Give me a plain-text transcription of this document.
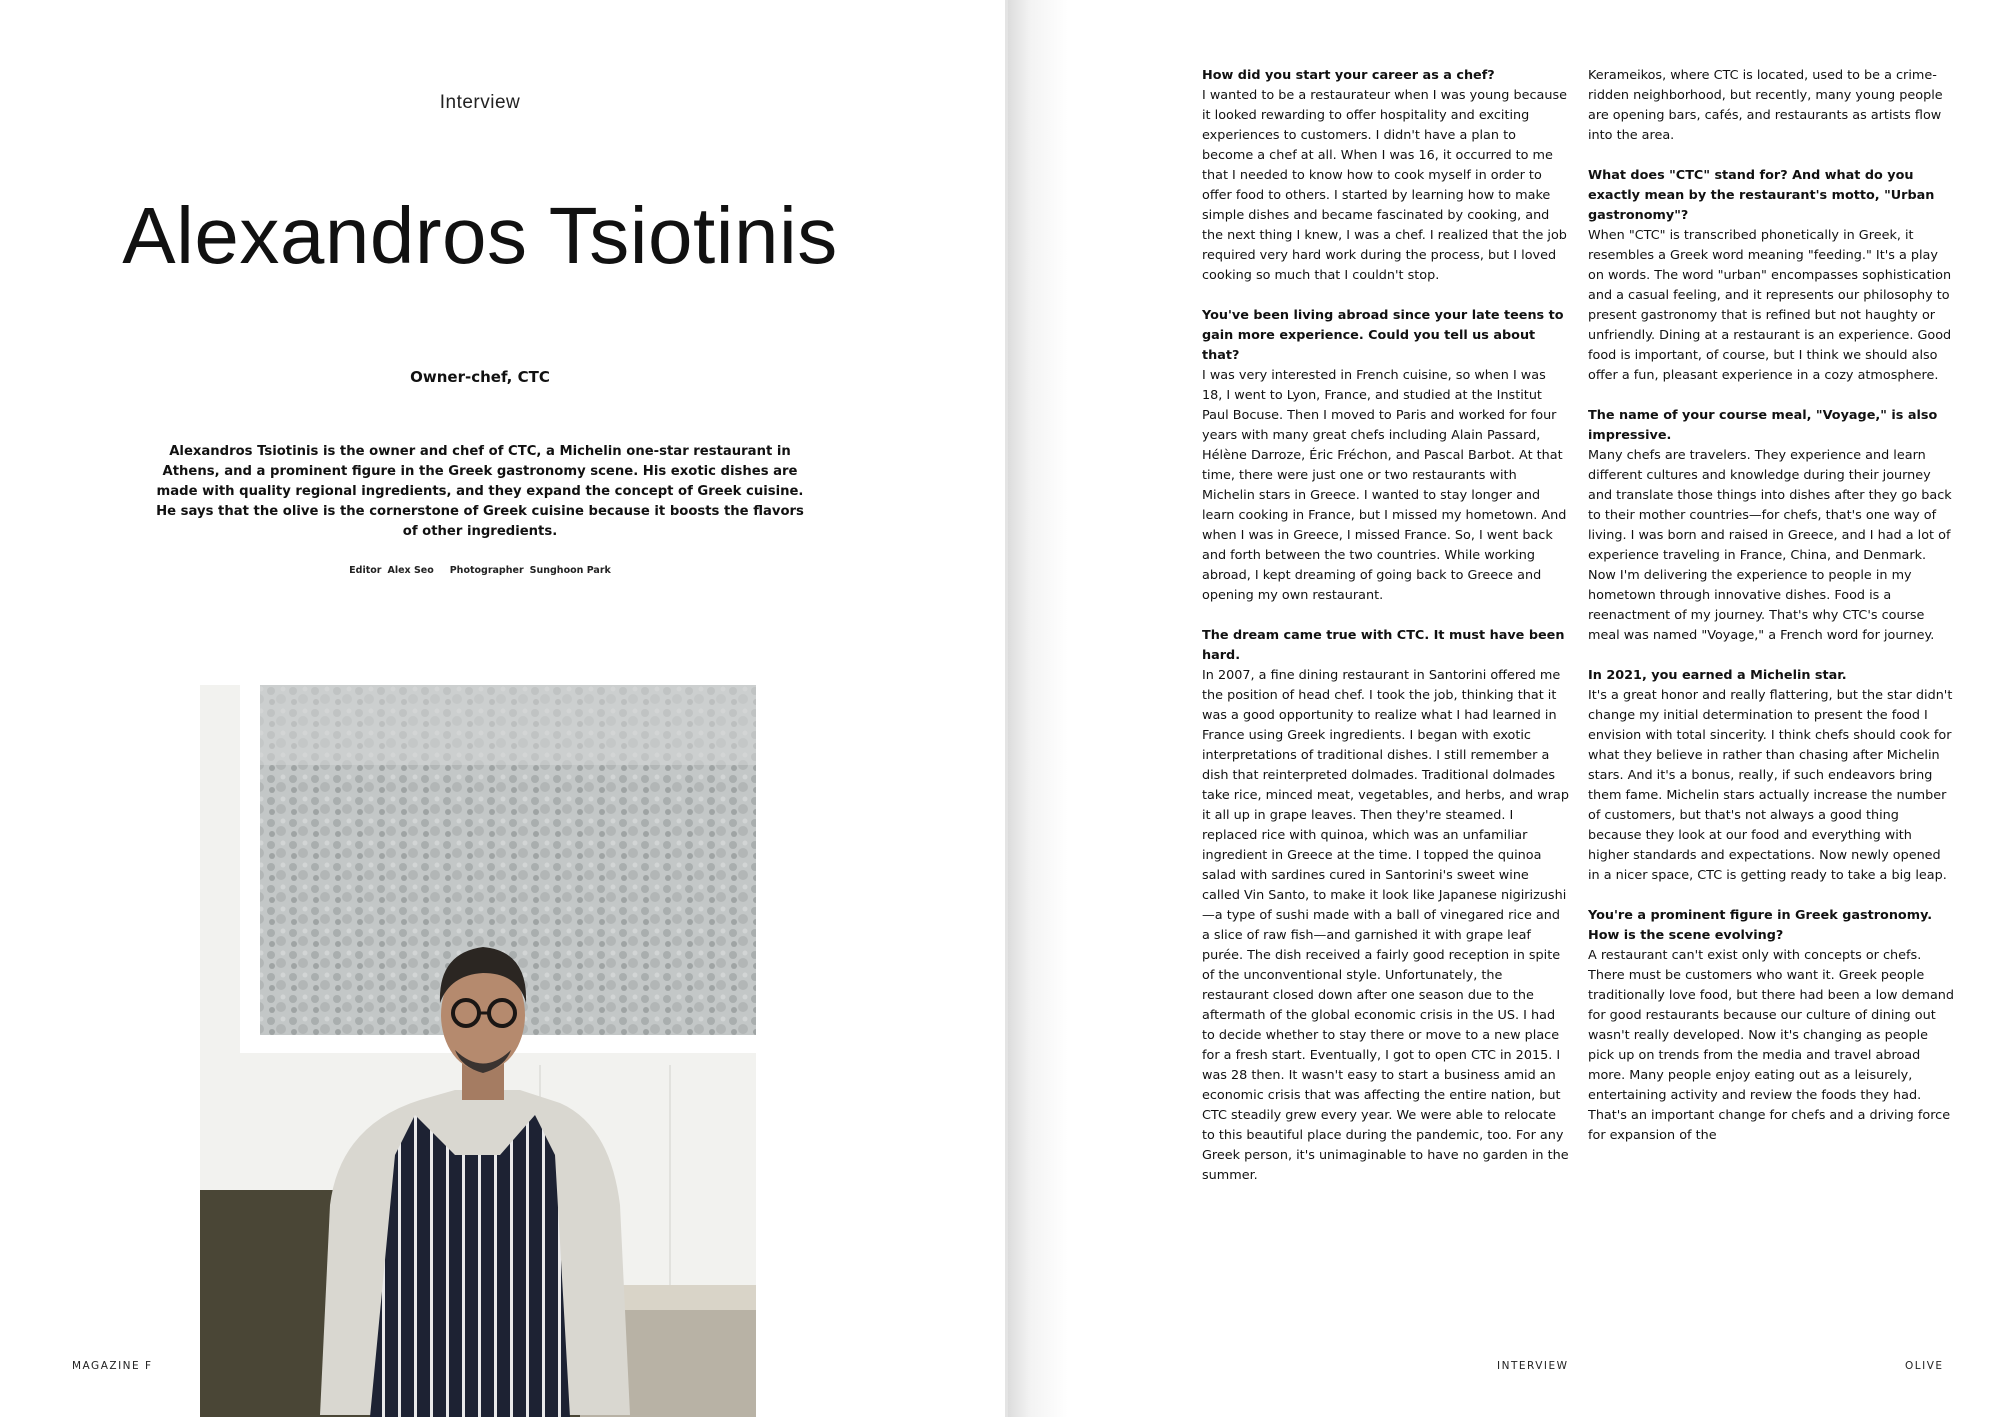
Interview
Alexandros Tsiotinis
Owner-chef, CTC

Alexandros Tsiotinis is the owner and chef of CTC, a Michelin one-star restaurant in Athens, and a prominent figure in the Greek gastronomy scene. His exotic dishes are made with quality regional ingredients, and they expand the concept of Greek cuisine. He says that the olive is the cornerstone of Greek cuisine because it boosts the flavors of other ingredients.

Editor Alex Seo Photographer Sunghoon Park
MAGAZINE F
How did you start your career as a chef?
I wanted to be a restaurateur when I was young because it looked rewarding to offer hospitality and exciting experiences to customers. I didn't have a plan to become a chef at all. When I was 16, it occurred to me that I needed to know how to cook myself in order to offer food to others. I started by learning how to make simple dishes and became fascinated by cooking, and the next thing I knew, I was a chef. I realized that the job required very hard work during the process, but I loved cooking so much that I couldn't stop.
You've been living abroad since your late teens to gain more experience. Could you tell us about that?
I was very interested in French cuisine, so when I was 18, I went to Lyon, France, and studied at the Institut Paul Bocuse. Then I moved to Paris and worked for four years with many great chefs including Alain Passard, Hélène Darroze, Éric Fréchon, and Pascal Barbot. At that time, there were just one or two restaurants with Michelin stars in Greece. I wanted to stay longer and learn cooking in France, but I missed my hometown. And when I was in Greece, I missed France. So, I went back and forth between the two countries. While working abroad, I kept dreaming of going back to Greece and opening my own restaurant.
The dream came true with CTC. It must have been hard.
In 2007, a fine dining restaurant in Santorini offered me the position of head chef. I took the job, thinking that it was a good opportunity to realize what I had learned in France using Greek ingredients. I began with exotic interpretations of traditional dishes. I still remember a dish that reinterpreted dolmades. Traditional dolmades take rice, minced meat, vegetables, and herbs, and wrap it all up in grape leaves. Then they're steamed. I replaced rice with quinoa, which was an unfamiliar ingredient in Greece at the time. I topped the quinoa salad with sardines cured in Santorini's sweet wine called Vin Santo, to make it look like Japanese nigirizushi—a type of sushi made with a ball of vinegared rice and a slice of raw fish—and garnished it with grape leaf purée. The dish received a fairly good reception in spite of the unconventional style. Unfortunately, the restaurant closed down after one season due to the aftermath of the global economic crisis in the US. I had to decide whether to stay there or move to a new place for a fresh start. Eventually, I got to open CTC in 2015. I was 28 then. It wasn't easy to start a business amid an economic crisis that was affecting the entire nation, but CTC steadily grew every year. We were able to relocate to this beautiful place during the pandemic, too. For any Greek person, it's unimaginable to have no garden in the summer.
Kerameikos, where CTC is located, used to be a crime-ridden neighborhood, but recently, many young people are opening bars, cafés, and restaurants as artists flow into the area.
What does "CTC" stand for? And what do you exactly mean by the restaurant's motto, "Urban gastronomy"?
When "CTC" is transcribed phonetically in Greek, it resembles a Greek word meaning "feeding." It's a play on words. The word "urban" encompasses sophistication and a casual feeling, and it represents our philosophy to present gastronomy that is refined but not haughty or unfriendly. Dining at a restaurant is an experience. Good food is important, of course, but I think we should also offer a fun, pleasant experience in a cozy atmosphere.
The name of your course meal, "Voyage," is also impressive.
Many chefs are travelers. They experience and learn different cultures and knowledge during their journey and translate those things into dishes after they go back to their mother countries—for chefs, that's one way of living. I was born and raised in Greece, and I had a lot of experience traveling in France, China, and Denmark. Now I'm delivering the experience to people in my hometown through innovative dishes. Food is a reenactment of my journey. That's why CTC's course meal was named "Voyage," a French word for journey.
In 2021, you earned a Michelin star.
It's a great honor and really flattering, but the star didn't change my initial determination to present the food I envision with total sincerity. I think chefs should cook for what they believe in rather than chasing after Michelin stars. And it's a bonus, really, if such endeavors bring them fame. Michelin stars actually increase the number of customers, but that's not always a good thing because they look at our food and everything with higher standards and expectations. Now newly opened in a nicer space, CTC is getting ready to take a big leap.
You're a prominent figure in Greek gastronomy. How is the scene evolving?
A restaurant can't exist only with concepts or chefs. There must be customers who want it. Greek people traditionally love food, but there had been a low demand for good restaurants because our culture of dining out wasn't really developed. Now it's changing as people pick up on trends from the media and travel abroad more. Many people enjoy eating out as a leisurely, entertaining activity and review the foods they had. That's an important change for chefs and a driving force for expansion of the
INTERVIEW	OLIVE
